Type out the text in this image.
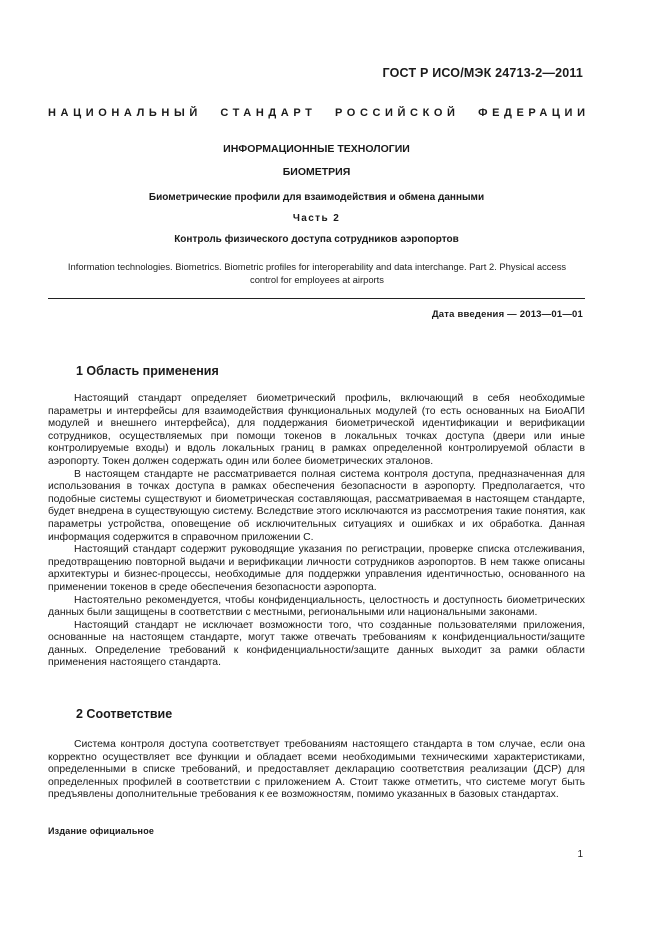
ГОСТ Р ИСО/МЭК 24713-2—2011
НАЦИОНАЛЬНЫЙ СТАНДАРТ РОССИЙСКОЙ ФЕДЕРАЦИИ
ИНФОРМАЦИОННЫЕ ТЕХНОЛОГИИ
БИОМЕТРИЯ
Биометрические профили для взаимодействия и обмена данными
Часть 2
Контроль физического доступа сотрудников аэропортов
Information technologies. Biometrics. Biometric profiles for interoperability and data interchange. Part 2. Physical access control for employees at airports
Дата введения — 2013—01—01
1 Область применения

Настоящий стандарт определяет биометрический профиль, включающий в себя необходимые параметры и интерфейсы для взаимодействия функциональных модулей (то есть основанных на БиоАПИ модулей и внешнего интерфейса), для поддержания биометрической идентификации и верификации сотрудников, осуществляемых при помощи токенов в локальных точках доступа (двери или иные контролируемые входы) и вдоль локальных границ в рамках определенной контролируемой области в аэропорту. Токен должен содержать один или более биометрических эталонов.

В настоящем стандарте не рассматривается полная система контроля доступа, предназначенная для использования в точках доступа в рамках обеспечения безопасности в аэропорту. Предполагается, что подобные системы существуют и биометрическая составляющая, рассматриваемая в настоящем стандарте, будет внедрена в существующую систему. Вследствие этого исключаются из рассмотрения такие понятия, как параметры устройства, оповещение об исключительных ситуациях и ошибках и их обработка. Данная информация содержится в справочном приложении С.

Настоящий стандарт содержит руководящие указания по регистрации, проверке списка отслеживания, предотвращению повторной выдачи и верификации личности сотрудников аэропортов. В нем также описаны архитектуры и бизнес-процессы, необходимые для поддержки управления идентичностью, основанного на применении токенов в среде обеспечения безопасности аэропорта.

Настоятельно рекомендуется, чтобы конфиденциальность, целостность и доступность биометрических данных были защищены в соответствии с местными, региональными или национальными законами.

Настоящий стандарт не исключает возможности того, что созданные пользователями приложения, основанные на настоящем стандарте, могут также отвечать требованиям к конфиденциальности/защите данных. Определение требований к конфиденциальности/защите данных выходит за рамки области применения настоящего стандарта.

2 Соответствие

Система контроля доступа соответствует требованиям настоящего стандарта в том случае, если она корректно осуществляет все функции и обладает всеми необходимыми техническими характеристиками, определенными в списке требований, и предоставляет декларацию соответствия реализации (ДСР) для определенных профилей в соответствии с приложением А. Стоит также отметить, что системе могут быть предъявлены дополнительные требования к ее возможностям, помимо указанных в базовых стандартах.

Издание официальное
1
